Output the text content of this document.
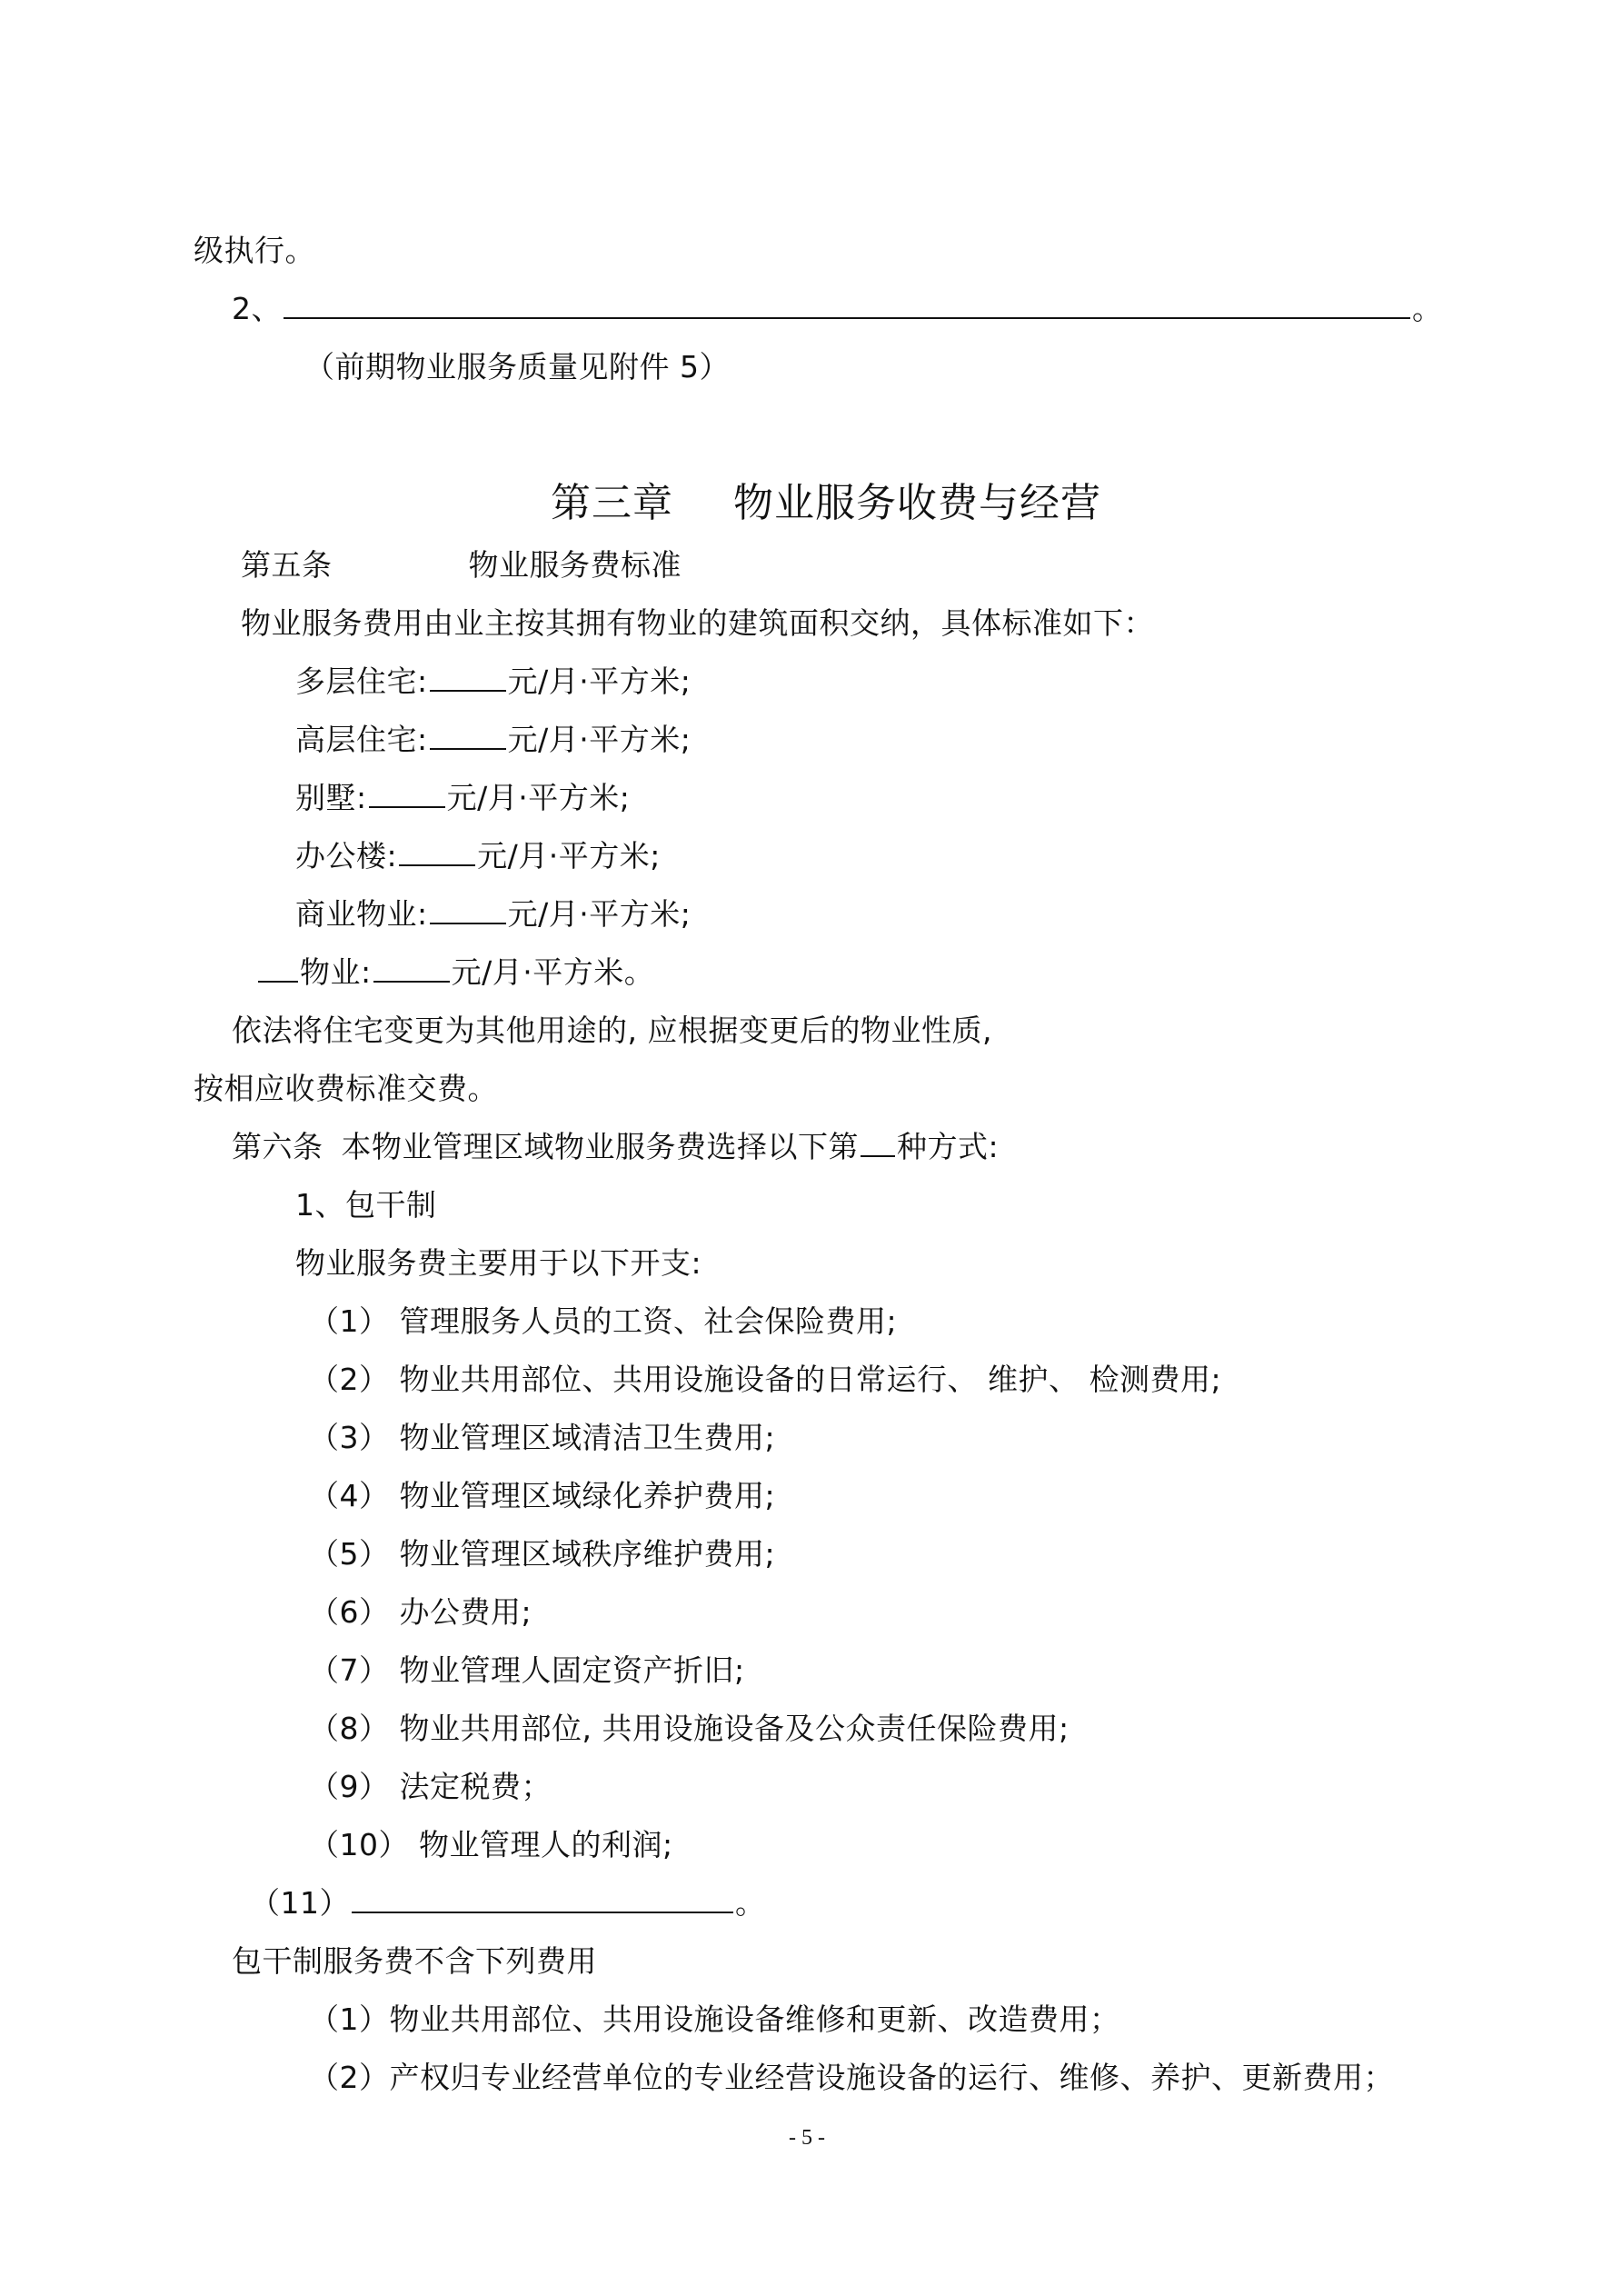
级执行。
2、	。
（前期物业服务质量见附件 5）
第三章 物业服务收费与经营
第五条	物业服务费标准
物业服务费用由业主按其拥有物业的建筑面积交纳，具体标准如下：
多层住宅:	元/月·平方米;
高层住宅:	元/月·平方米;
别墅:	元/月·平方米;
办公楼:	元/月·平方米;
商业物业:	元/月·平方米;
物业:	元/月·平方米。
依法将住宅变更为其他用途的, 应根据变更后的物业性质,
按相应收费标准交费。
第六条 本物业管理区域物业服务费选择以下第 种方式:
1、包干制
物业服务费主要用于以下开支:
（1） 管理服务人员的工资、社会保险费用;
（2） 物业共用部位、共用设施设备的日常运行、 维护、 检测费用;
（3） 物业管理区域清洁卫生费用;
（4） 物业管理区域绿化养护费用;
（5） 物业管理区域秩序维护费用;
（6） 办公费用;
（7） 物业管理人固定资产折旧;
（8） 物业共用部位, 共用设施设备及公众责任保险费用;
（9） 法定税费；
（10） 物业管理人的利润;
（11）	。
包干制服务费不含下列费用
（1）物业共用部位、共用设施设备维修和更新、改造费用；
（2）产权归专业经营单位的专业经营设施设备的运行、维修、养护、更新费用；
- 5 -
